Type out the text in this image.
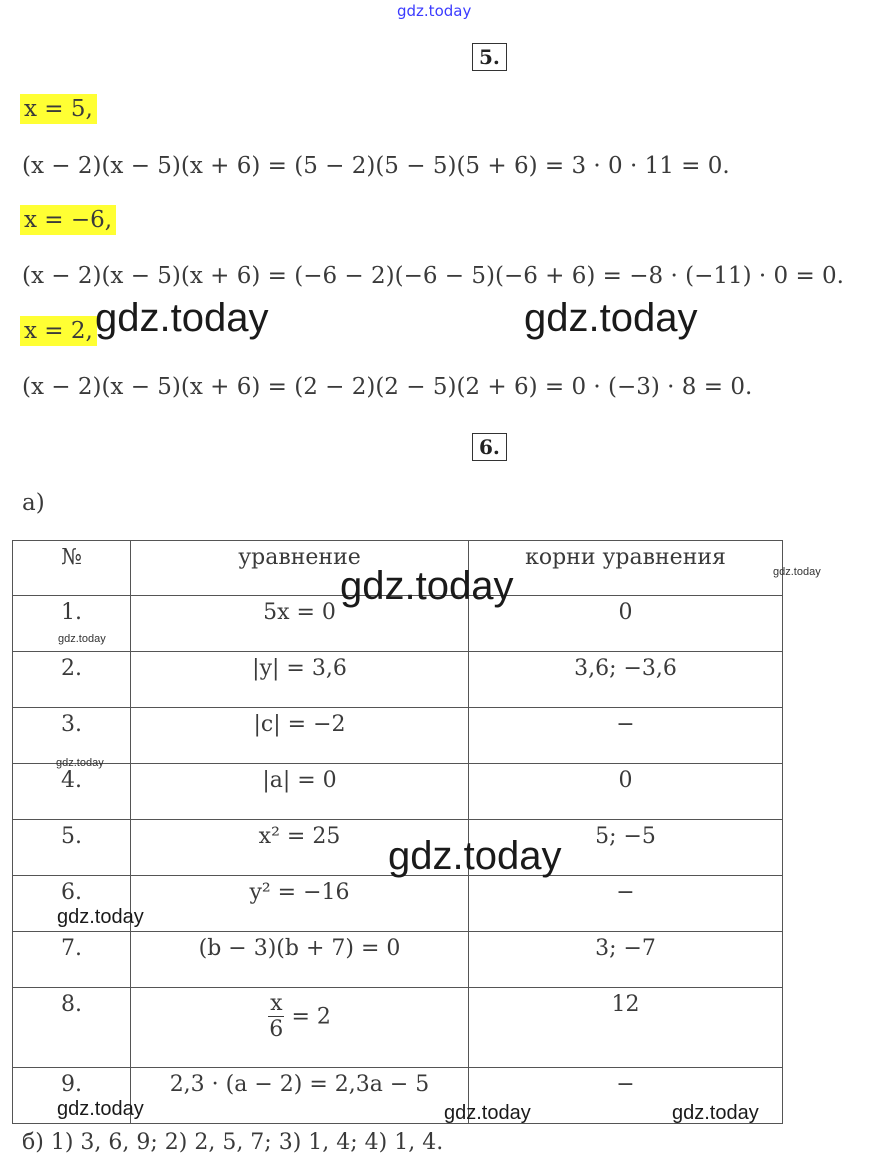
gdz.today
5.
x = 5,
(x − 2)(x − 5)(x + 6) = (5 − 2)(5 − 5)(5 + 6) = 3 · 0 · 11 = 0.
x = −6,
(x − 2)(x − 5)(x + 6) = (−6 − 2)(−6 − 5)(−6 + 6) = −8 · (−11) · 0 = 0.
x = 2,
(x − 2)(x − 5)(x + 6) = (2 − 2)(2 − 5)(2 + 6) = 0 · (−3) · 8 = 0.
gdz.today	gdz.today
6.
а)
№	уравнение	корни уравнения
1.	5x = 0	0
2.	|y| = 3,6	3,6; −3,6
3.	|c| = −2	−
4.	|a| = 0	0
5.	x² = 25	5; −5
6.	y² = −16	−
7.	(b − 3)(b + 7) = 0	3; −7
8.	$\frac{x}{6} = 2$	12
9.	2,3 · (a − 2) = 2,3a − 5	−
gdz.today
gdz.today
gdz.today
gdz.today
gdz.today
gdz.today
gdz.today	gdz.today	gdz.today
б) 1) 3, 6, 9; 2) 2, 5, 7; 3) 1, 4; 4) 1, 4.
